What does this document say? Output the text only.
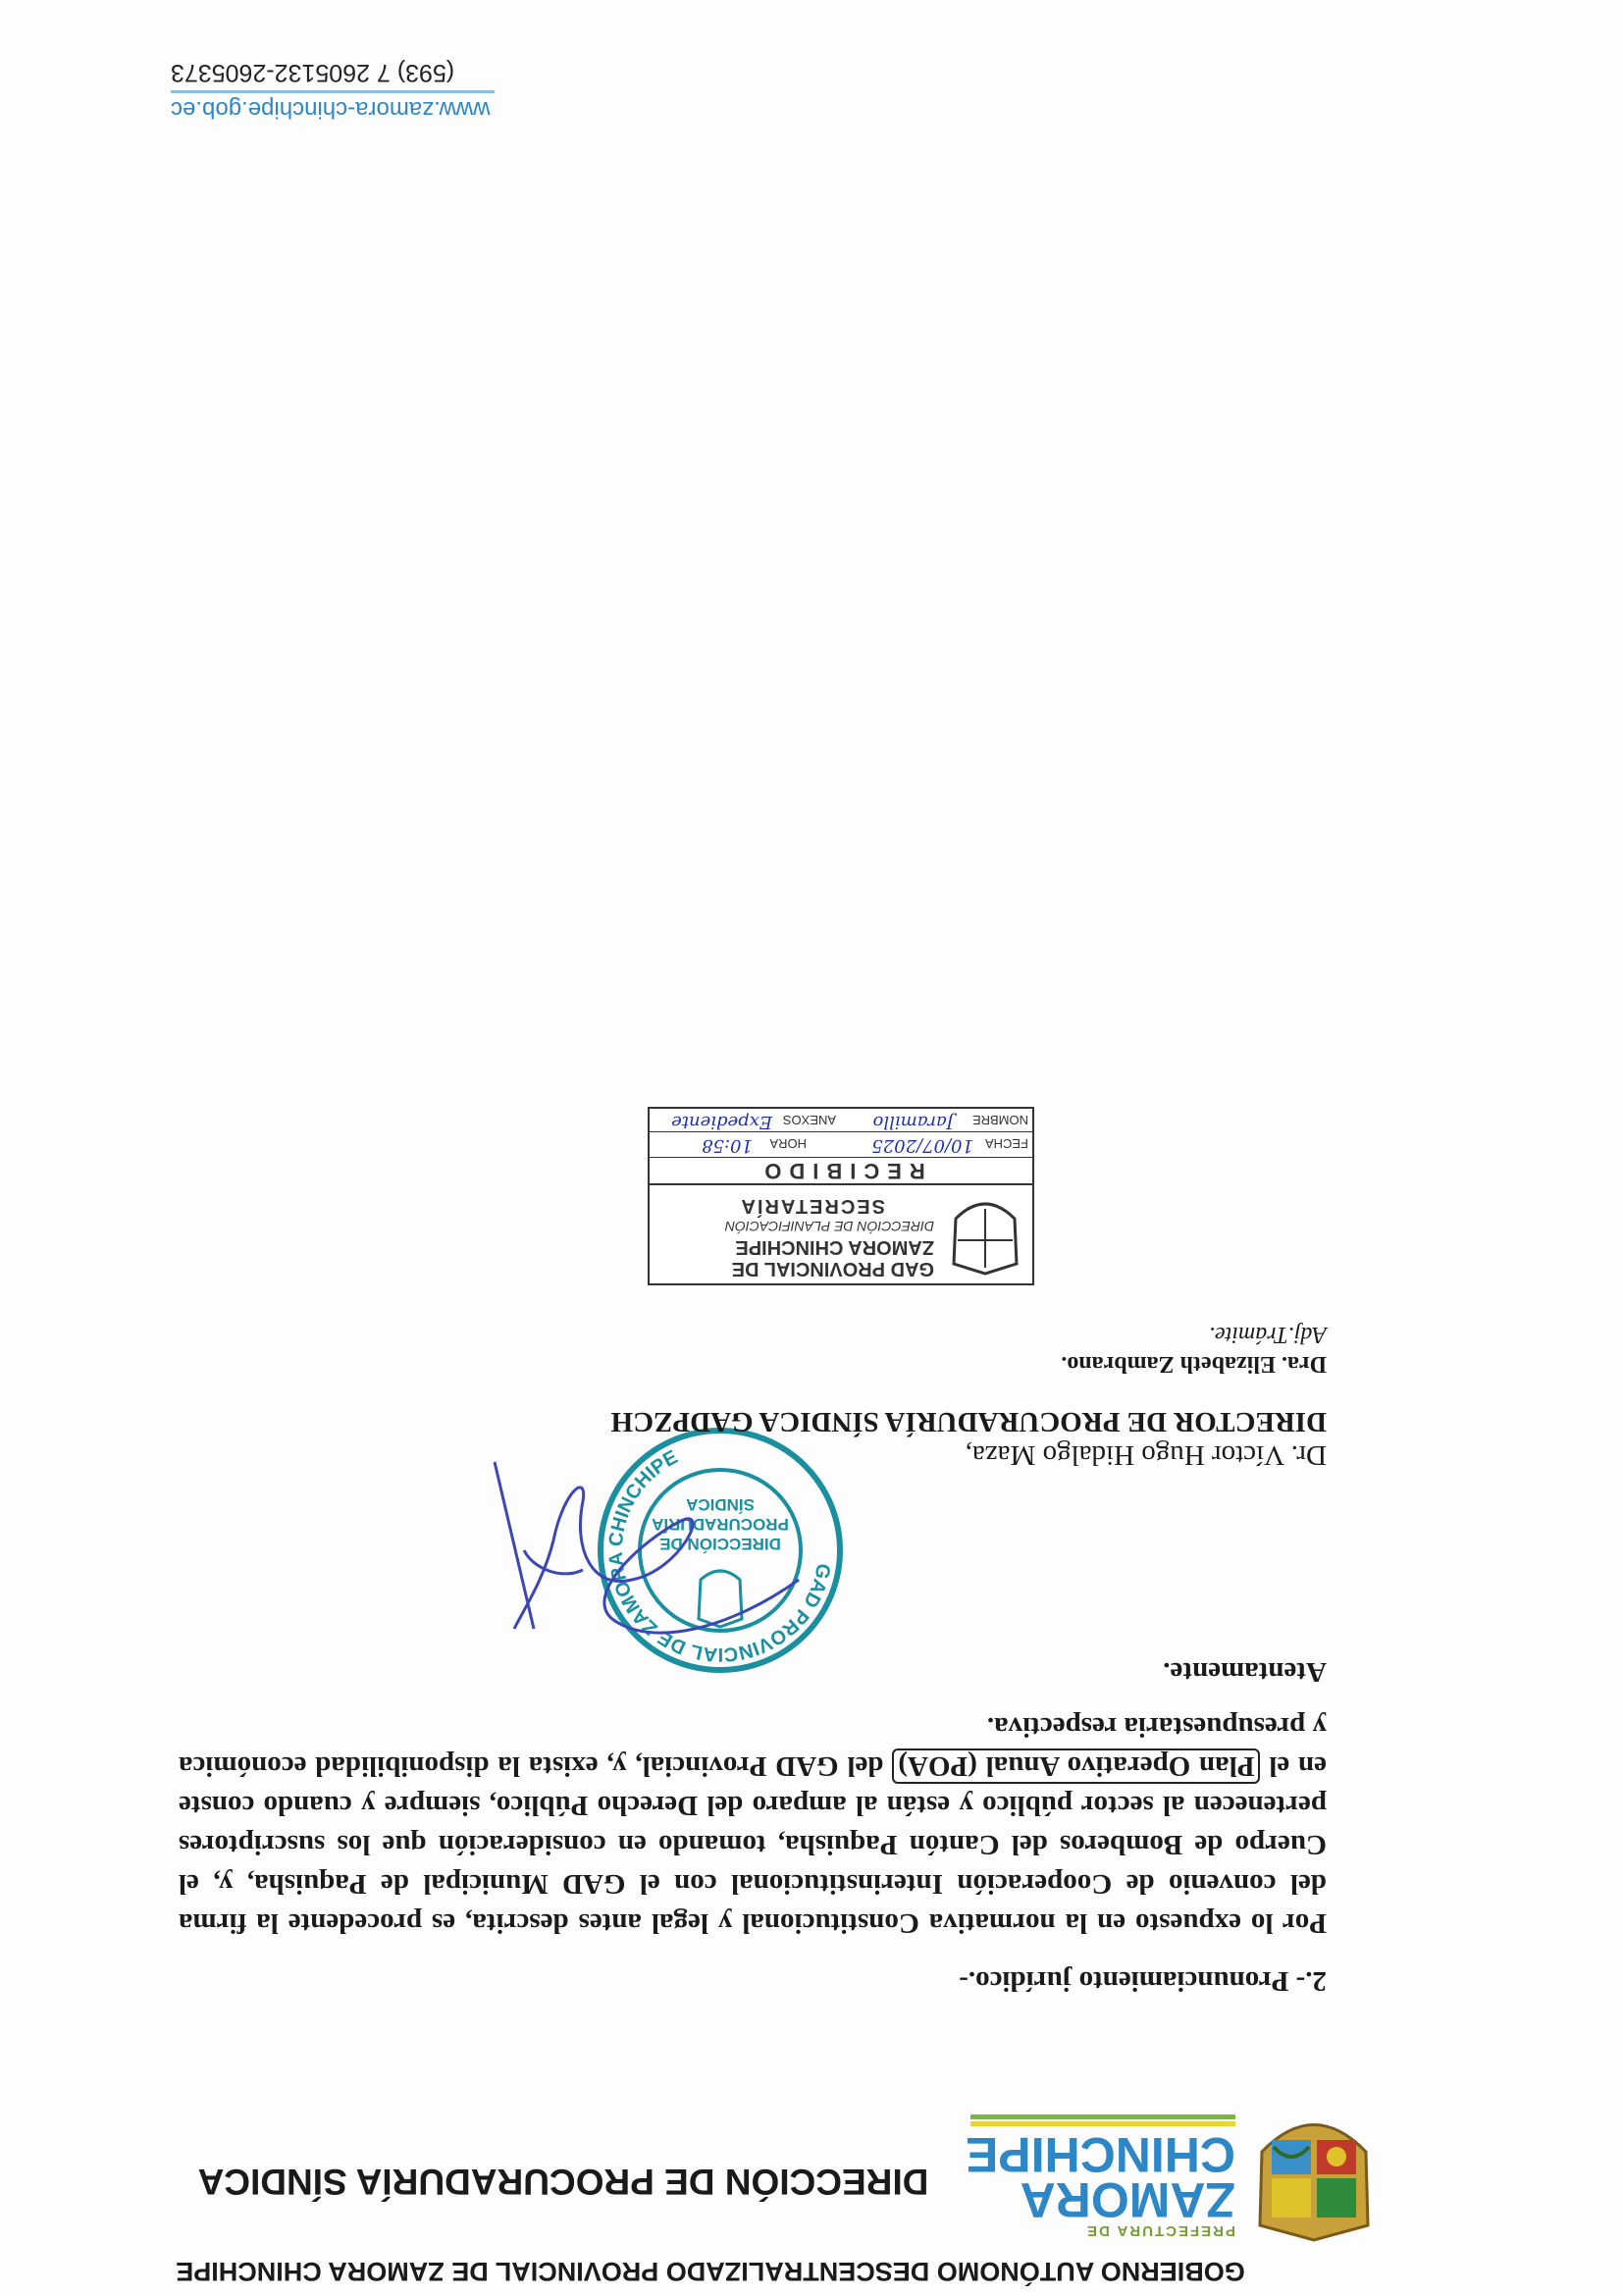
PREFECTURA DE
ZAMORA
CHINCHIPE
GOBIERNO AUTÓNOMO DESCENTRALIZADO PROVINCIAL DE ZAMORA CHINCHIPE
DIRECCIÓN DE PROCURADURÍA SÍNDICA
2.- Pronunciamiento jurídico.-
Por lo expuesto en la normativa Constitucional y legal antes descrita, es procedente la firma del convenio de Cooperación Interinstitucional con el GAD Municipal de Paquisha, y, el Cuerpo de Bomberos del Cantón Paquisha, tomando en consideración que los suscriptores pertenecen al sector público y están al amparo del Derecho Público, siempre y cuando conste en el Plan Operativo Anual (POA) del GAD Provincial, y, exista la disponibilidad económica y presupuestaria respectiva.
Atentamente.
GAD PROVINCIAL DE ZAMORA CHINCHIPE
DIRECCIÓN DE
PROCURADURÍA
SÍNDICA
Dr. Víctor Hugo Hidalgo Maza,
DIRECTOR DE PROCURADURÍA SÍNDICA GADPZCH
Dra. Elizabeth Zambrano.
Adj.Trámite.
GAD PROVINCIAL DE
ZAMORA CHINCHIPE
DIRECCIÓN DE PLANIFICACIÓN
SECRETARÍA
RECIBIDO
FECHA
10/07/2025
HORA
10:58
NOMBRE
Jaramillo
ANEXOS
Expediente

www.zamora-chinchipe.gob.ec
(593) 7 2605132-2605373
